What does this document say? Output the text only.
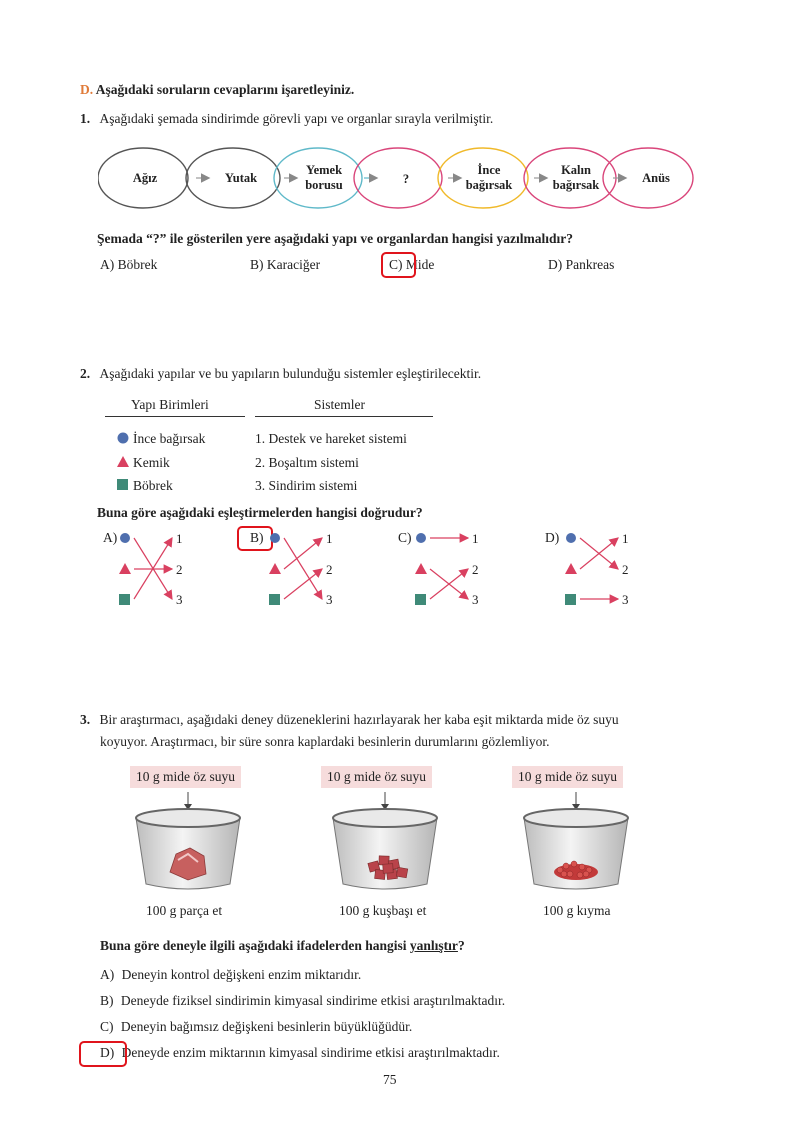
D. Aşağıdaki soruların cevaplarını işaretleyiniz.
1. Aşağıdaki şemada sindirimde görevli yapı ve organlar sırayla verilmiştir.
Ağız	Yutak
Yemek
borusu	?
İnce
bağırsak
Kalın
bağırsak	Anüs
Şemada “?” ile gösterilen yere aşağıdaki yapı ve organlardan hangisi yazılmalıdır?
A) Böbrek	B) Karaciğer	C) Mide	D) Pankreas
2. Aşağıdaki yapılar ve bu yapıların bulunduğu sistemler eşleştirilecektir.
Yapı Birimleri	Sistemler
İnce bağırsak
Kemik
Böbrek
1. Destek ve hareket sistemi
2. Boşaltım sistemi
3. Sindirim sistemi
Buna göre aşağıdaki eşleştirmelerden hangisi doğrudur?
A)	B)	C)	D)
1
2
3
1
2
3
1
2
3
1
2
3
3. Bir araştırmacı, aşağıdaki deney düzeneklerini hazırlayarak her kaba eşit miktarda mide öz suyu
koyuyor. Araştırmacı, bir süre sonra kaplardaki besinlerin durumlarını gözlemliyor.
10 g mide öz suyu	10 g mide öz suyu	10 g mide öz suyu
100 g parça et	100 g kuşbaşı et	100 g kıyma
Buna göre deneyle ilgili aşağıdaki ifadelerden hangisi yanlıştır?
A) Deneyin kontrol değişkeni enzim miktarıdır.
B) Deneyde fiziksel sindirimin kimyasal sindirime etkisi araştırılmaktadır.
C) Deneyin bağımsız değişkeni besinlerin büyüklüğüdür.
D) Deneyde enzim miktarının kimyasal sindirime etkisi araştırılmaktadır.
75
